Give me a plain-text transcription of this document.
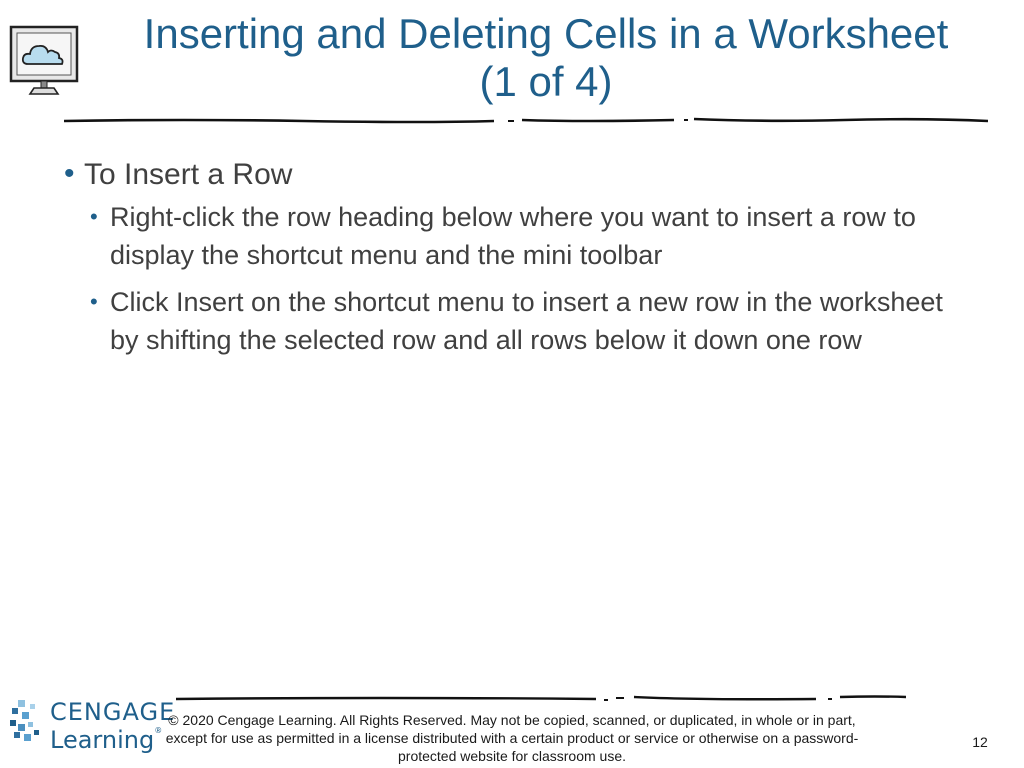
Inserting and Deleting Cells in a Worksheet
(1 of 4)

• To Insert a Row

• Right-click the row heading below where you want to insert a row to display the shortcut menu and the mini toolbar

• Click Insert on the shortcut menu to insert a new row in the worksheet by shifting the selected row and all rows below it down one row

CENGAGE
Learning®
© 2020 Cengage Learning. All Rights Reserved. May not be copied, scanned, or duplicated, in whole or in part, except for use as permitted in a license distributed with a certain product or service or otherwise on a password-protected website for classroom use.
12
